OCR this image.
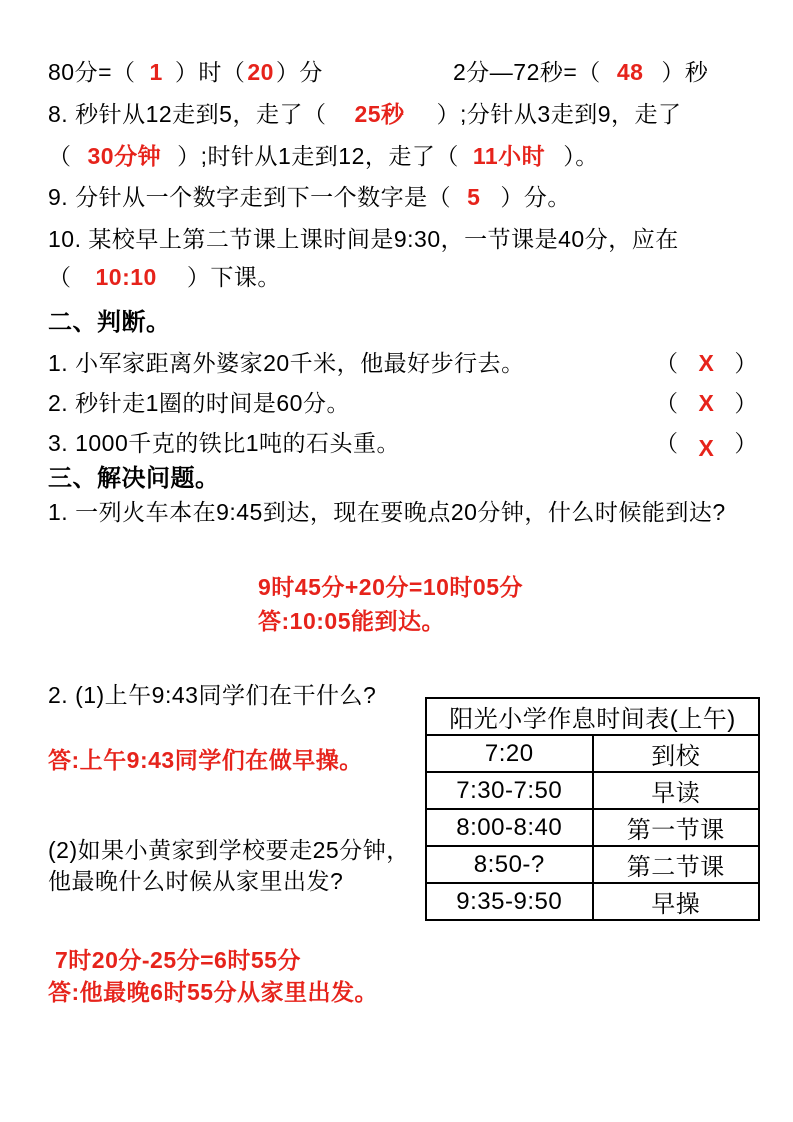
80分=（ 1 ）时（20）分	2分—72秒=（ 48 ）秒
8. 秒针从12走到5，走了（ 25秒 ）;分针从3走到9，走了
（ 30分钟 ）;时针从1走到12，走了（ 11小时 ）。
9. 分针从一个数字走到下一个数字是（ 5 ）分。
10. 某校早上第二节课上课时间是9:30，一节课是40分，应在
（ 10:10 ）下课。
二、判断。
1. 小军家距离外婆家20千米，他最好步行去。	（ X ）
2. 秒针走1圈的时间是60分。	（ X ）
3. 1000千克的铁比1吨的石头重。	（ X ）
三、解决问题。
1. 一列火车本在9:45到达，现在要晚点20分钟，什么时候能到达?
9时45分+20分=10时05分
答:10:05能到达。
2. (1)上午9:43同学们在干什么?
答:上午9:43同学们在做早操。
阳光小学作息时间表(上午)	
7:20	到校
7:30-7:50	早读
8:00-8:40	第一节课
8:50-?	第二节课
9:35-9:50	早操
(2)如果小黄家到学校要走25分钟，
他最晚什么时候从家里出发?
7时20分-25分=6时55分
答:他最晚6时55分从家里出发。
